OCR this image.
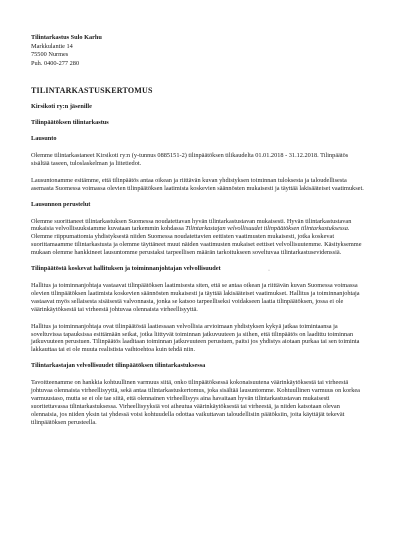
Tilintarkastus Sulo Karhu
Markkulantie 14
75500 Nurmes
Puh. 0400-277 280
TILINTARKASTUSKERTOMUS
Kirsikoti ry:n jäsenille
Tilinpäätöksen tilintarkastus
Lausunto

Olemme tilintarkastaneet Kirsikoti ry:n (y-tunnus 0885151-2) tilinpäätöksen tilikaudelta 01.01.2018 - 31.12.2018. Tilinpäätös sisältää taseen, tuloslaskelman ja liitetiedot.

Lausuntonamme esitämme, että tilinpäätös antaa oikean ja riittävän kuvan yhdistyksen toiminnan tuloksesta ja taloudellisesta asemasta Suomessa voimassa olevien tilinpäätöksen laatimista koskevien säännösten mukaisesti ja täyttää lakisääteiset vaatimukset.

Lausunnon perustelut

Olemme suorittaneet tilintarkastuksen Suomessa noudatettavan hyvän tilintarkastustavan mukaisesti. Hyvän tilintarkastustavan mukaisia velvollisuuksiamme kuvataan tarkemmin kohdassa Tilintarkastajan velvollisuudet tilinpäätöksen tilintarkastuksessa. Olemme riippumattomia yhdistyksestä niiden Suomessa noudatettavien eettisten vaatimusten mukaisesti, jotka koskevat suorittamaamme tilintarkastusta ja olemme täyttäneet muut näiden vaatimusten mukaiset eettiset velvollisuutemme. Käsityksemme mukaan olemme hankkineet lausuntomme perustaksi tarpeellisen määrän tarkoitukseen soveltuvaa tilintarkastusevidenssiä.

Tilinpäätöstä koskevat hallituksen ja toiminnanjohtajan velvollisuudet

Hallitus ja toiminnanjohtaja vastaavat tilinpäätöksen laatimisesta siten, että se antaa oikean ja riittävän kuvan Suomessa voimassa olevien tilinpäätöksen laatimista koskevien säännösten mukaisesti ja täyttää lakisääteiset vaatimukset. Hallitus ja toiminnanjohtaja vastaavat myös sellaisesta sisäisestä valvonnasta, jonka se katsoo tarpeelliseksi voidakseen laatia tilinpäätöksen, jossa ei ole väärinkäytöksestä tai virheestä johtuvaa olennaista virheellisyyttä.

Hallitus ja toiminnanjohtaja ovat tilinpäätöstä laatiessaan velvollisia arvioimaan yhdistyksen kykyä jatkaa toimintaansa ja soveltuvissa tapauksissa esittämään seikat, jotka liittyvät toiminnan jatkuvuuteen ja siihen, että tilinpäätös on laadittu toiminnan jatkuvuuteen perustuen. Tilinpäätös laaditaan toiminnan jatkuvuuteen perustuen, paitsi jos yhdistys aiotaan purkaa tai sen toiminta lakkauttaa tai ei ole muuta realistista vaihtoehtoa kuin tehdä niin.

Tilintarkastajan velvollisuudet tilinpäätöksen tilintarkastuksessa

Tavoitteenamme on hankkia kohtuullinen varmuus siitä, onko tilinpäätöksessä kokonaisuutena väärinkäytöksestä tai virheestä johtuvaa olennaista virheellisyyttä, sekä antaa tilintarkastuskertomus, joka sisältää lausuntomme. Kohtuullinen varmuus on korkea varmuustaso, mutta se ei ole tae siitä, että olennainen virheellisyys aina havaitaan hyvän tilintarkastustavan mukaisesti suoritettavassa tilintarkastuksessa. Virheellisyyksiä voi aiheutua väärinkäytöksestä tai virheestä, ja niiden katsotaan olevan olennaisia, jos niiden yksin tai yhdessä voisi kohtuudella odottaa vaikuttavan taloudellisiin päätöksiin, joita käyttäjät tekevät tilinpäätöksen perusteella.

·
